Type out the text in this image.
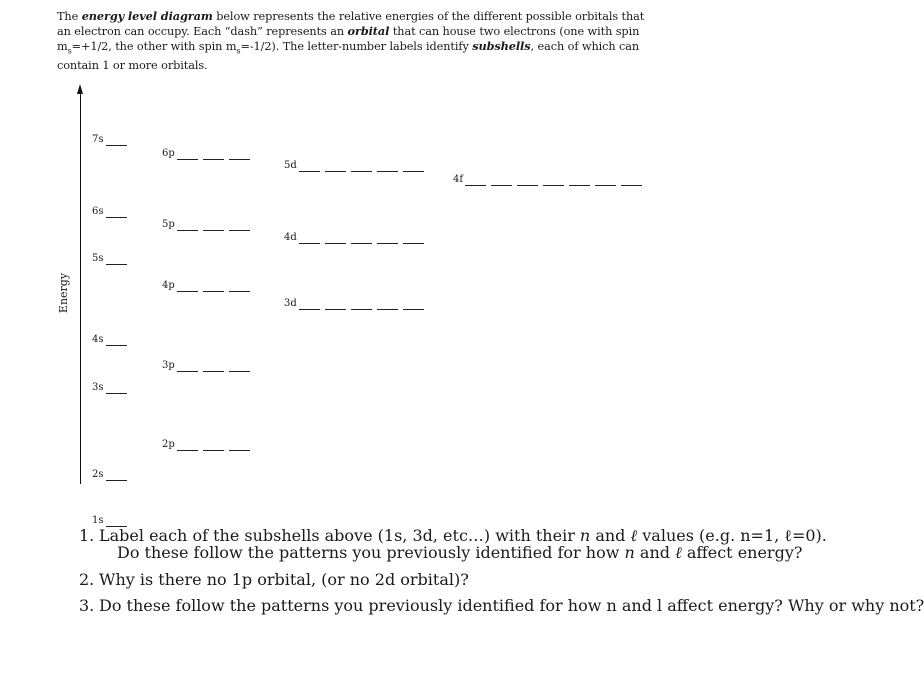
The energy level diagram below represents the relative energies of the different possible orbitals that an electron can occupy. Each “dash” represents an orbital that can house two electrons (one with spin $m_s=+1/2$, the other with spin $m_s=-1/2$). The letter-number labels identify subshells, each of which can contain 1 or more orbitals.
Energy
7s
6p
5d
4f
6s
5p
4d
5s
4p
3d
4s
3p
3s
2p
2s
1s
1. Label each of the subshells above (1s, 3d, etc…) with their n and ℓ values (e.g. n=1, ℓ=0).
Do these follow the patterns you previously identified for how n and ℓ affect energy?
2. Why is there no 1p orbital, (or no 2d orbital)?
3. Do these follow the patterns you previously identified for how n and l affect energy? Why or why not?
